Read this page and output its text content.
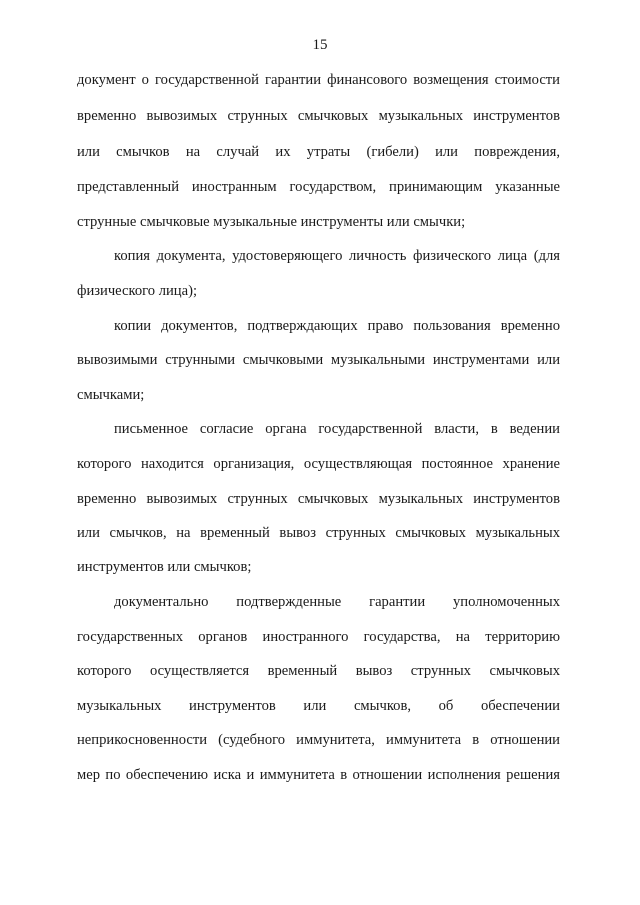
15
документ о государственной гарантии финансового возмещения стоимости
временно вывозимых струнных смычковых музыкальных инструментов
или смычков на случай их утраты (гибели) или повреждения,
представленный иностранным государством, принимающим указанные
струнные смычковые музыкальные инструменты или смычки;
копия документа, удостоверяющего личность физического лица (для
физического лица);
копии документов, подтверждающих право пользования временно
вывозимыми струнными смычковыми музыкальными инструментами или
смычками;
письменное согласие органа государственной власти, в ведении
которого находится организация, осуществляющая постоянное хранение
временно вывозимых струнных смычковых музыкальных инструментов
или смычков, на временный вывоз струнных смычковых музыкальных
инструментов или смычков;
документально подтвержденные гарантии уполномоченных
государственных органов иностранного государства, на территорию
которого осуществляется временный вывоз струнных смычковых
музыкальных инструментов или смычков, об обеспечении
неприкосновенности (судебного иммунитета, иммунитета в отношении
мер по обеспечению иска и иммунитета в отношении исполнения решения
